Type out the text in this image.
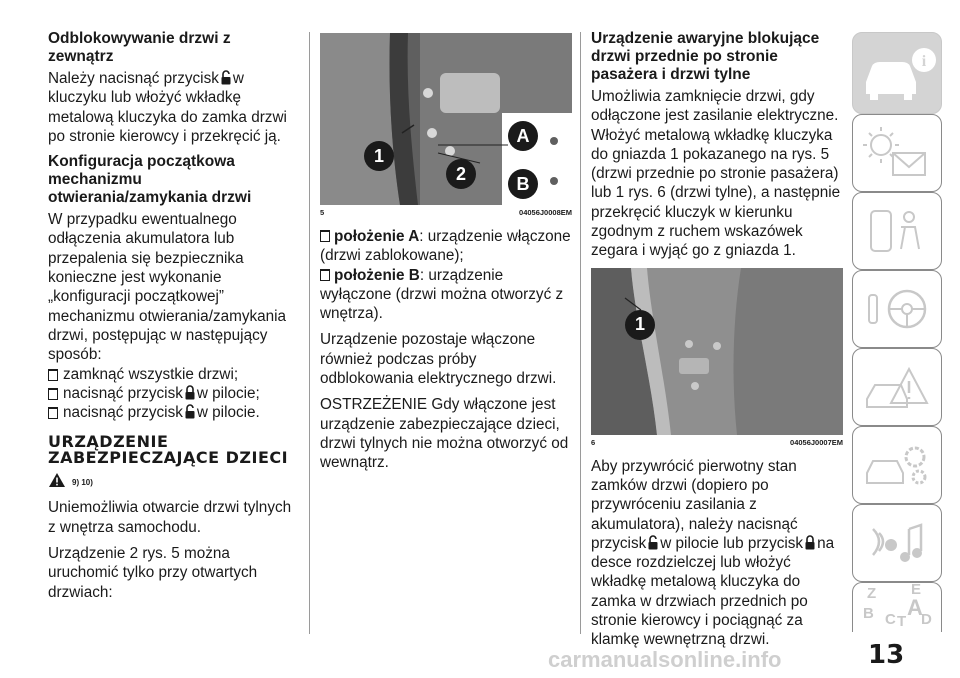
Odblokowywanie drzwi z zewnątrz
Należy nacisnąć przycisk w kluczyku lub włożyć wkładkę metalową kluczyka do zamka drzwi po stronie kierowcy i przekręcić ją.
Konfiguracja początkowa mechanizmu otwierania/zamykania drzwi
W przypadku ewentualnego odłączenia akumulatora lub przepalenia się bezpiecznika konieczne jest wykonanie „konfiguracji początkowej” mechanizmu otwierania/zamykania drzwi, postępując w następujący sposób:
zamknąć wszystkie drzwi;
nacisnąć przycisk w pilocie;
nacisnąć przycisk w pilocie.
URZĄDZENIE ZABEZPIECZAJĄCE DZIECI
9) 10)
Uniemożliwia otwarcie drzwi tylnych z wnętrza samochodu.
Urządzenie 2 rys. 5 można uruchomić tylko przy otwartych drzwiach:
1
2
A
B
5	04056J0008EM
położenie A: urządzenie włączone (drzwi zablokowane);
położenie B: urządzenie wyłączone (drzwi można otworzyć z wnętrza).
Urządzenie pozostaje włączone również podczas próby odblokowania elektrycznego drzwi.
OSTRZEŻENIE Gdy włączone jest urządzenie zabezpieczające dzieci, drzwi tylnych nie można otworzyć od wewnątrz.
Urządzenie awaryjne blokujące drzwi przednie po stronie pasażera i drzwi tylne
Umożliwia zamknięcie drzwi, gdy odłączone jest zasilanie elektryczne. Włożyć metalową wkładkę kluczyka do gniazda 1 pokazanego na rys. 5 (drzwi przednie po stronie pasażera) lub 1 rys. 6 (drzwi tylne), a następnie przekręcić kluczyk w kierunku zgodnym z ruchem wskazówek zegara i wyjąć go z gniazda 1.
1
6	04056J0007EM
Aby przywrócić pierwotny stan zamków drzwi (dopiero po przywróceniu zasilania z akumulatora), należy nacisnąć przycisk w pilocie lub przycisk na desce rozdzielczej lub włożyć wkładkę metalową kluczyka do zamka w drzwiach przednich po stronie kierowcy i pociągnąć za klamkę wewnętrzną drzwi.
i
Z E
B A
C T D
carmanualsonline.info	13
